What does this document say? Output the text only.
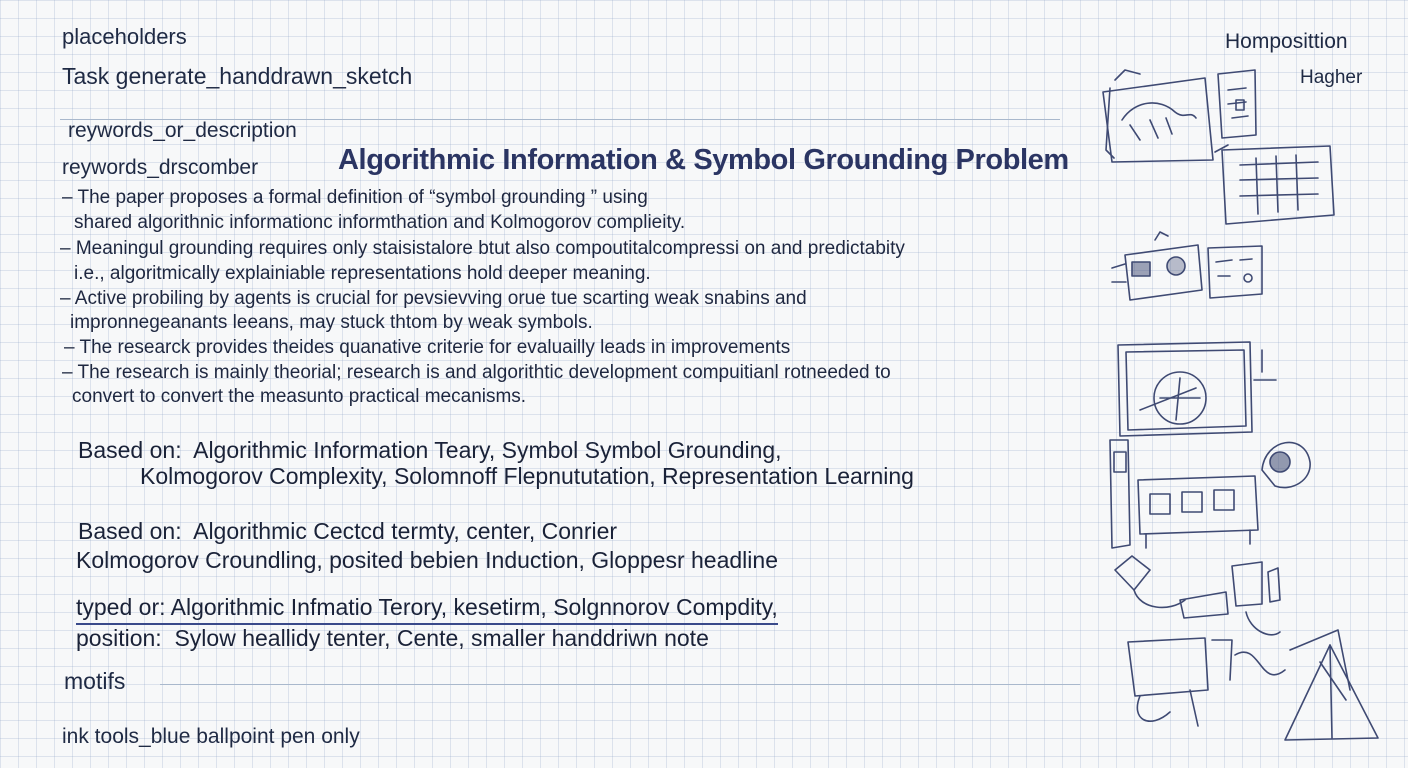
placeholders

Task generate_handdrawn_sketch

reywords_or_description

reywords_drscomber

Homposittion

Hagher

Algorithmic Information & Symbol Grounding Problem

– The paper proposes a formal definition of “symbol grounding ” using

shared algorithnic informationc informthation and Kolmogorov complieity.

– Meaningul grounding requires only staisistalore btut also compoutitalcompressi on and predictabity

i.e., algoritmically explainiable representations hold deeper meaning.

– Active probiling by agents is crucial for pevsievving orue tue scarting weak snabins and

impronnegeanants leeans, may stuck thtom by weak symbols.

– The researck provides theides quanative criterie for evaluailly leads in improvements

– The research is mainly theorial; research is and algorithtic development compuitianl rotneeded to

convert to convert the measunto practical mecanisms.

Based on: Algorithmic Information Teary, Symbol Symbol Grounding,

Kolmogorov Complexity, Solomnoff Flepnututation, Representation Learning

Based on: Algorithmic Cectcd termty, center, Conrier

Kolmogorov Croundling, posited bebien Induction, Gloppesr headline

typed or: Algorithmic Infmatio Terory, kesetirm, Solgnnorov Compdity,

position: Sylow heallidy tenter, Cente, smaller handdriwn note

motifs

ink tools_blue ballpoint pen only
